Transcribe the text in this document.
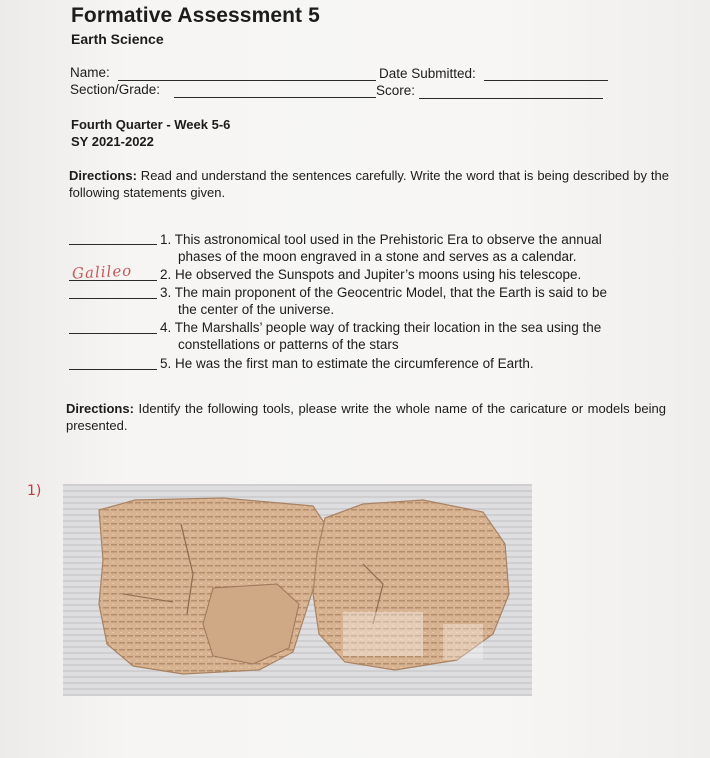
Formative Assessment 5
Earth Science
Name:
Section/Grade:
Date Submitted:
Score:
Fourth Quarter - Week 5-6
SY 2021-2022
Directions: Read and understand the sentences carefully. Write the word that is being described by the following statements given.
1. This astronomical tool used in the Prehistoric Era to observe the annual
phases of the moon engraved in a stone and serves as a calendar.
Galileo 2. He observed the Sunspots and Jupiter’s moons using his telescope.
3. The main proponent of the Geocentric Model, that the Earth is said to be
the center of the universe.
4. The Marshalls’ people way of tracking their location in the sea using the
constellations or patterns of the stars
5. He was the first man to estimate the circumference of Earth.
Directions: Identify the following tools, please write the whole name of the caricature or models being presented.
1)
